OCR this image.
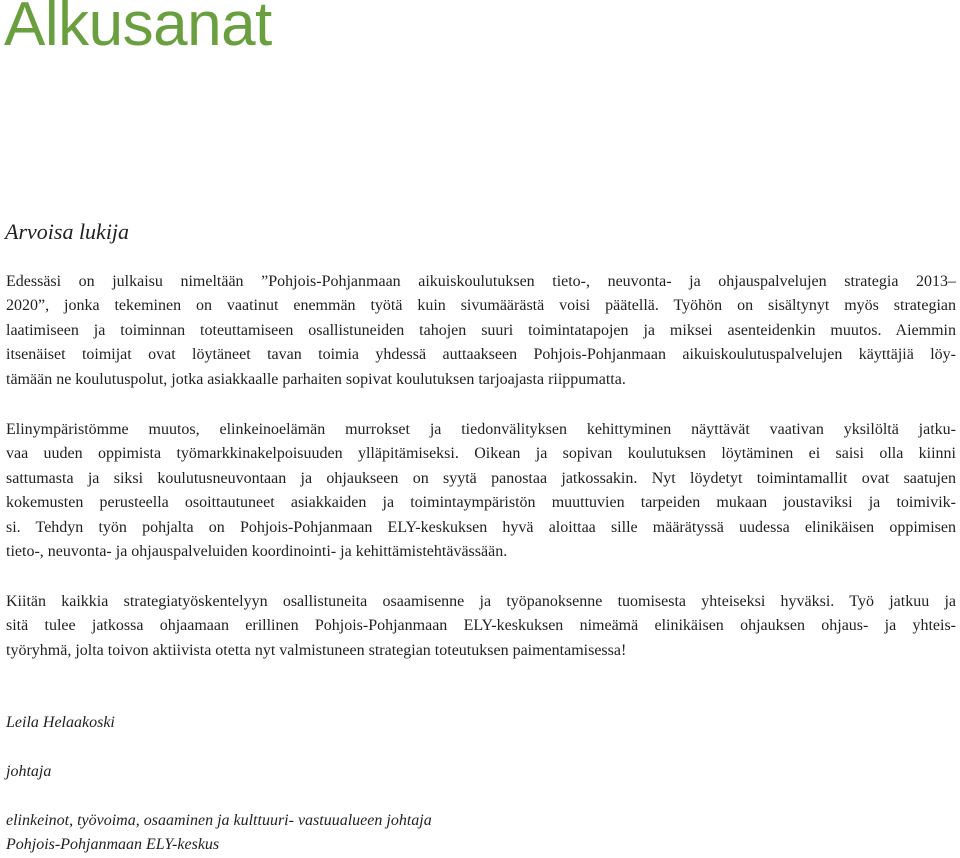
Alkusanat
Arvoisa lukija

Edessäsi on julkaisu nimeltään ”Pohjois-Pohjanmaan aikuiskoulutuksen tieto-, neuvonta- ja ohjauspalvelujen strategia 2013–
2020”, jonka tekeminen on vaatinut enemmän työtä kuin sivumäärästä voisi päätellä. Työhön on sisältynyt myös strategian
laatimiseen ja toiminnan toteuttamiseen osallistuneiden tahojen suuri toimintatapojen ja miksei asenteidenkin muutos. Aiemmin
itsenäiset toimijat ovat löytäneet tavan toimia yhdessä auttaakseen Pohjois-Pohjanmaan aikuiskoulutuspalvelujen käyttäjiä löy-
tämään ne koulutuspolut, jotka asiakkaalle parhaiten sopivat koulutuksen tarjoajasta riippumatta.

Elinympäristömme muutos, elinkeinoelämän murrokset ja tiedonvälityksen kehittyminen näyttävät vaativan yksilöltä jatku-
vaa uuden oppimista työmarkkinakelpoisuuden ylläpitämiseksi. Oikean ja sopivan koulutuksen löytäminen ei saisi olla kiinni
sattumasta ja siksi koulutusneuvontaan ja ohjaukseen on syytä panostaa jatkossakin. Nyt löydetyt toimintamallit ovat saatujen
kokemusten perusteella osoittautuneet asiakkaiden ja toimintaympäristön muuttuvien tarpeiden mukaan joustaviksi ja toimivik-
si. Tehdyn työn pohjalta on Pohjois-Pohjanmaan ELY-keskuksen hyvä aloittaa sille määrätyssä uudessa elinikäisen oppimisen
tieto-, neuvonta- ja ohjauspalveluiden koordinointi- ja kehittämistehtävässään.

Kiitän kaikkia strategiatyöskentelyyn osallistuneita osaamisenne ja työpanoksenne tuomisesta yhteiseksi hyväksi. Työ jatkuu ja
sitä tulee jatkossa ohjaamaan erillinen Pohjois-Pohjanmaan ELY-keskuksen nimeämä elinikäisen ohjauksen ohjaus- ja yhteis-
työryhmä, jolta toivon aktiivista otetta nyt valmistuneen strategian toteutuksen paimentamisessa!

Leila Helaakoski

johtaja

elinkeinot, työvoima, osaaminen ja kulttuuri- vastuualueen johtaja

Pohjois-Pohjanmaan ELY-keskus
